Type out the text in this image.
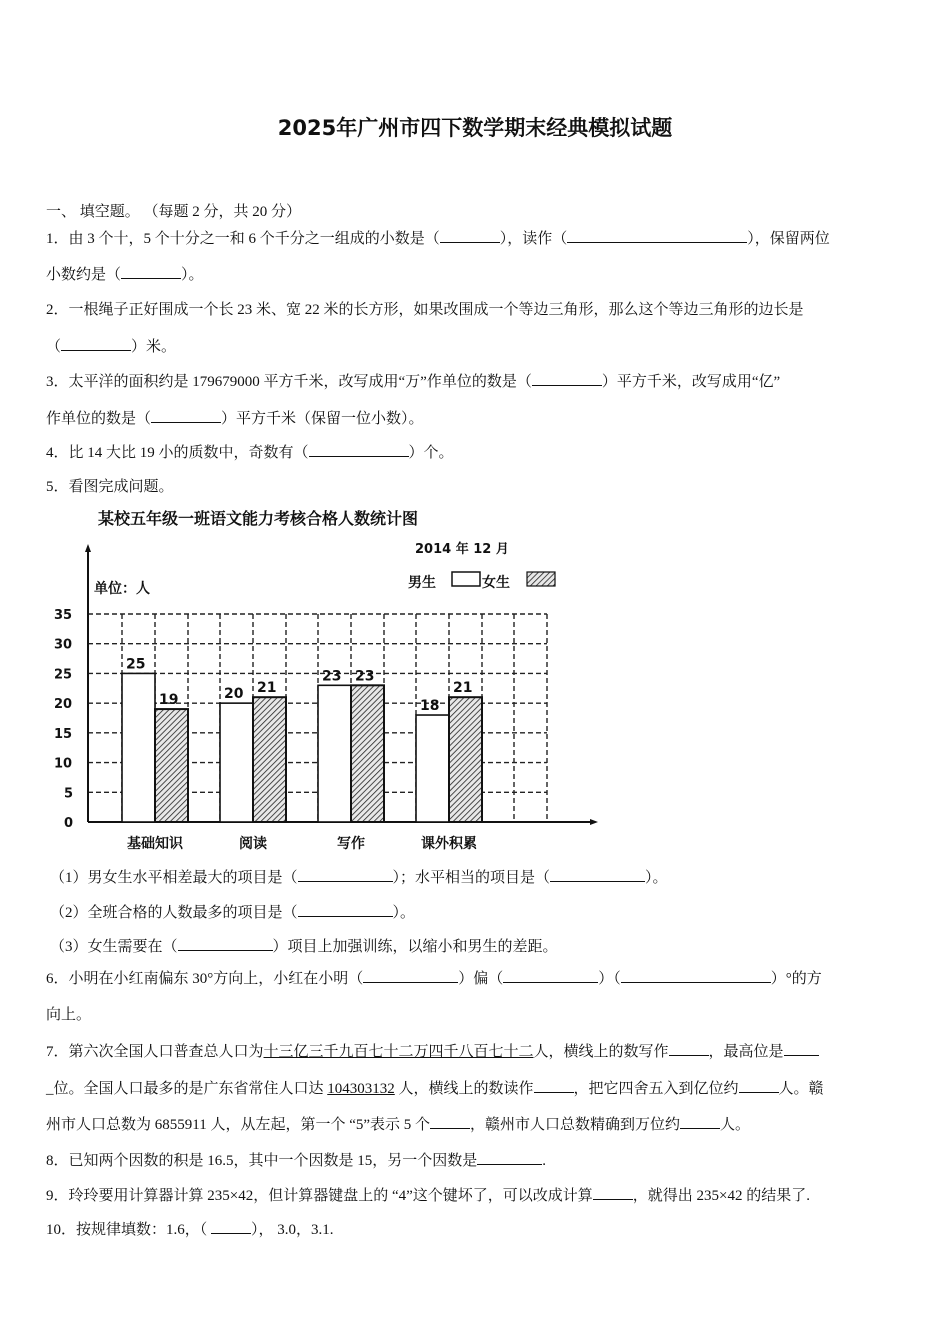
2025年广州市四下数学期末经典模拟试题
一、 填空题。 （每题 2 分，共 20 分）
1．由 3 个十，5 个十分之一和 6 个千分之一组成的小数是（	），读作（	），保留两位
小数约是（	）。
2．一根绳子正好围成一个长 23 米、宽 22 米的长方形，如果改围成一个等边三角形，那么这个等边三角形的边长是
（	）米。
3．太平洋的面积约是 179679000 平方千米，改写成用“万”作单位的数是（	）平方千米，改写成用“亿”
作单位的数是（	）平方千米（保留一位小数）。
4．比 14 大比 19 小的质数中，奇数有（	）个。
5．看图完成问题。
（1）男女生水平相差最大的项目是（	）；水平相当的项目是（	）。
（2）全班合格的人数最多的项目是（	）。
（3）女生需要在（	）项目上加强训练，以缩小和男生的差距。
6．小明在小红南偏东 30°方向上，小红在小明（	）偏（	）（	）°的方
向上。
7．第六次全国人口普查总人口为十三亿三千九百七十二万四千八百七十二人，横线上的数写作	，最高位是
_位。全国人口最多的是广东省常住人口达 104303132 人，横线上的数读作	，把它四舍五入到亿位约	人。赣
州市人口总数为 6855911 人，从左起，第一个 “5”表示 5 个	，赣州市人口总数精确到万位约	人。
8．已知两个因数的积是 16.5，其中一个因数是 15，另一个因数是	.
9．玲玲要用计算器计算 235×42，但计算器键盘上的 “4”这个键坏了，可以改成计算	，就得出 235×42 的结果了.
10．按规律填数：1.6，（	）， 3.0，3.1.
某校五年级一班语文能力考核合格人数统计图
2014 年 12 月
单位：人	男生	女生
0
5
10
15
20
25
30
35
25
19
基础知识
20 21
阅读
23 23
写作
18
21
课外积累
